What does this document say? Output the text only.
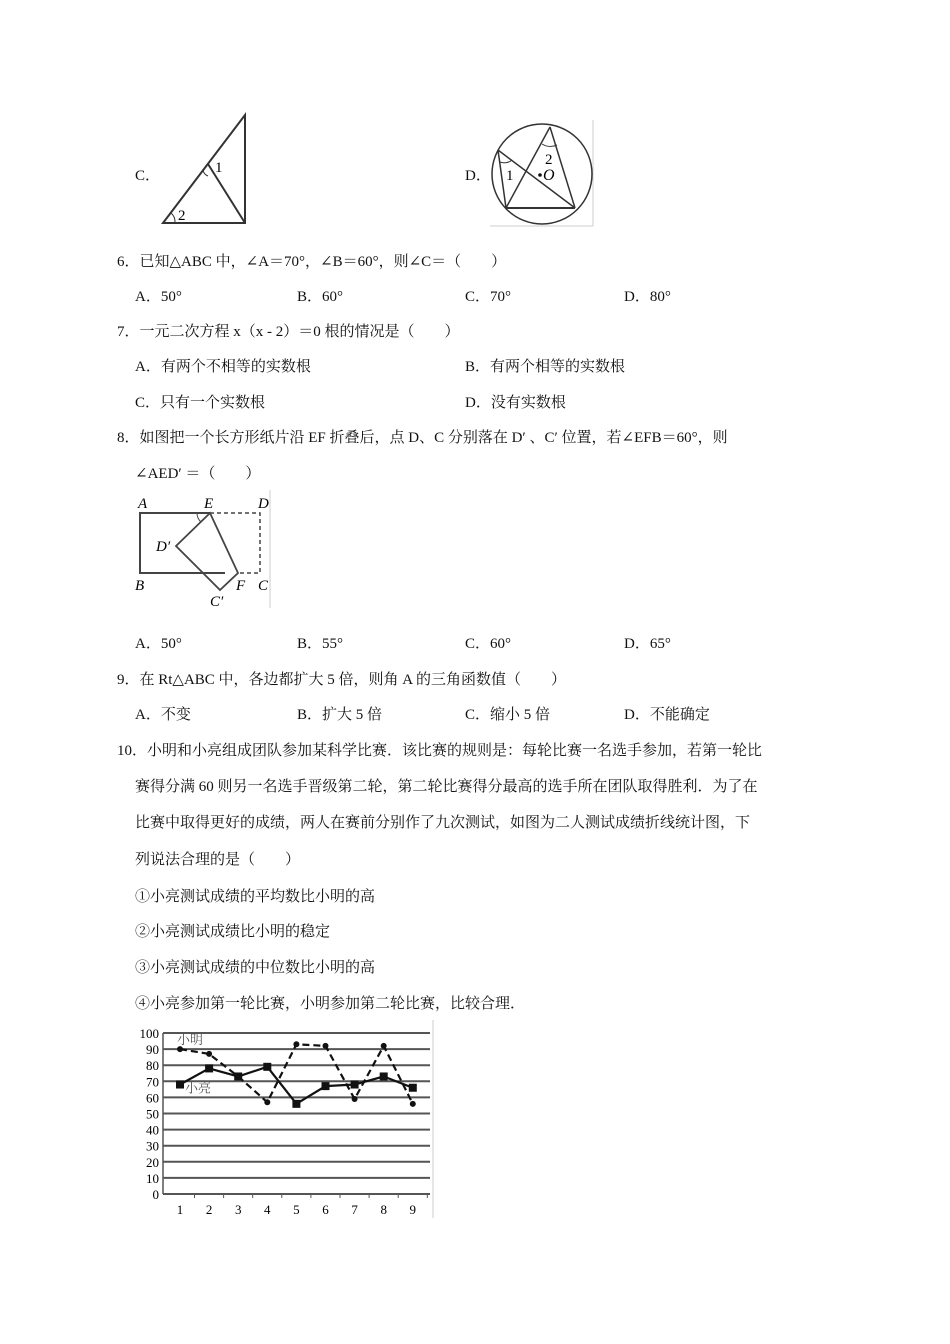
C．	1
2
D． 1
2
O
6．已知△ABC 中，∠A＝70°，∠B＝60°，则∠C＝（　　）
A．50°	B．60°	C．70°	D．80°
7．一元二次方程 x（x - 2）＝0 根的情况是（　　）
A．有两个不相等的实数根	B．有两个相等的实数根
C．只有一个实数根	D．没有实数根
8．如图把一个长方形纸片沿 EF 折叠后，点 D、C 分别落在 D′ 、C′ 位置，若∠EFB＝60°，则
∠AED′ ＝（　　）
A	E	D
D′
B	F C
C′
A．50°	B．55°	C．60°	D．65°
9．在 Rt△ABC 中，各边都扩大 5 倍，则角 A 的三角函数值（　　）
A．不变	B．扩大 5 倍	C．缩小 5 倍	D．不能确定
10．小明和小亮组成团队参加某科学比赛．该比赛的规则是：每轮比赛一名选手参加，若第一轮比
赛得分满 60 则另一名选手晋级第二轮，第二轮比赛得分最高的选手所在团队取得胜利．为了在
比赛中取得更好的成绩，两人在赛前分别作了九次测试，如图为二人测试成绩折线统计图，下
列说法合理的是（　　）
①小亮测试成绩的平均数比小明的高
②小亮测试成绩比小明的稳定
③小亮测试成绩的中位数比小明的高
④小亮参加第一轮比赛，小明参加第二轮比赛，比较合理．
0
10
20
30
40
50
60
70
80
90
100
1 2 3 4 5 6 7 8 9
小明
小亮
